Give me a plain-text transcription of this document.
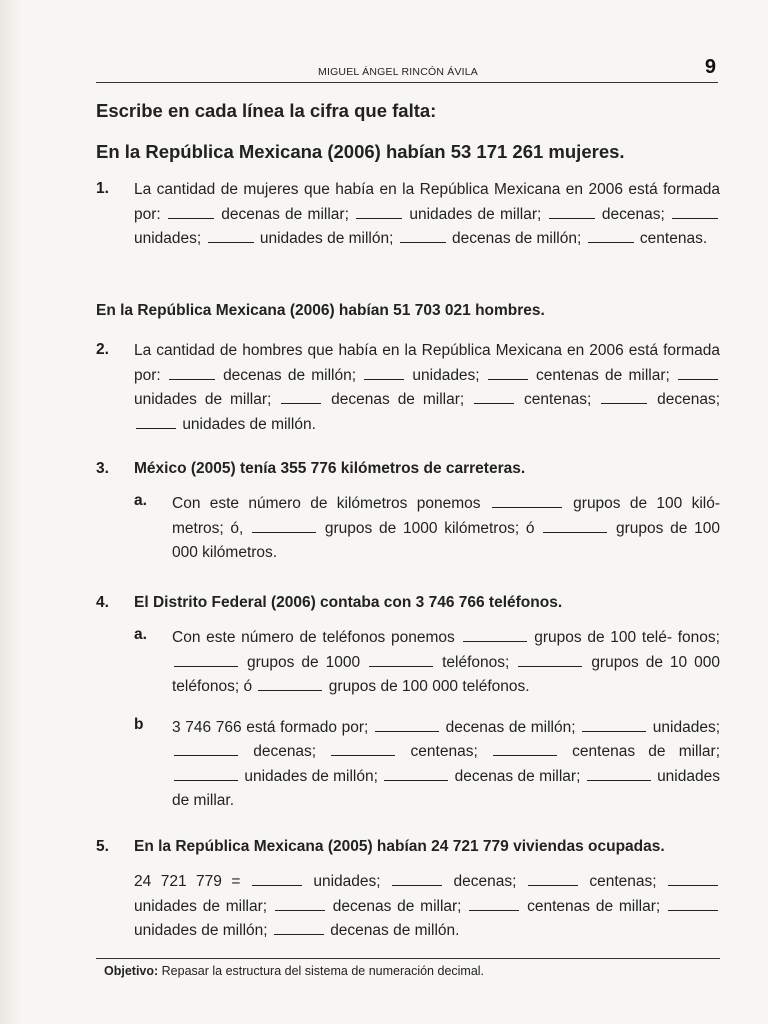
MIGUEL ÁNGEL RINCÓN ÁVILA	9
Escribe en cada línea la cifra que falta:
En la República Mexicana (2006) habían 53 171 261 mujeres.
1.	La cantidad de mujeres que había en la República Mexicana en 2006 está formada por:	decenas de millar;	unidades de millar;	decenas;  unidades;	unidades de millón;	decenas de millón;	centenas.
En la República Mexicana (2006) habían 51 703 021 hombres.
2.	La cantidad de hombres que había en la República Mexicana en 2006 está formada por:	decenas de millón;	unidades;	centenas de millar;  unidades de millar;	decenas de millar;	centenas;	decenas;  unidades de millón.
3.	México (2005) tenía 355 776 kilómetros de carreteras.
a. Con este número de kilómetros ponemos	grupos de 100 kiló- metros; ó,	grupos de 1000 kilómetros; ó	grupos de 100 000 kilómetros.
4.	El Distrito Federal (2006) contaba con 3 746 766 teléfonos.
a. Con este número de teléfonos ponemos	grupos de 100 telé- fonos;  grupos de 1000	teléfonos;	grupos de 10 000 teléfonos; ó	grupos de 100 000 teléfonos.
b 3 746 766 está formado por;	decenas de millón;	unidades;  decenas;	centenas;	centenas de millar;  unidades de millón;	decenas de millar;	unidades de millar.
5.	En la República Mexicana (2005) habían 24 721 779 viviendas ocupadas.
24 721 779 =	unidades;	decenas;	centenas;  unidades de millar;	decenas de millar;	centenas de millar;  unidades de millón;	decenas de millón.
Objetivo: Repasar la estructura del sistema de numeración decimal.
